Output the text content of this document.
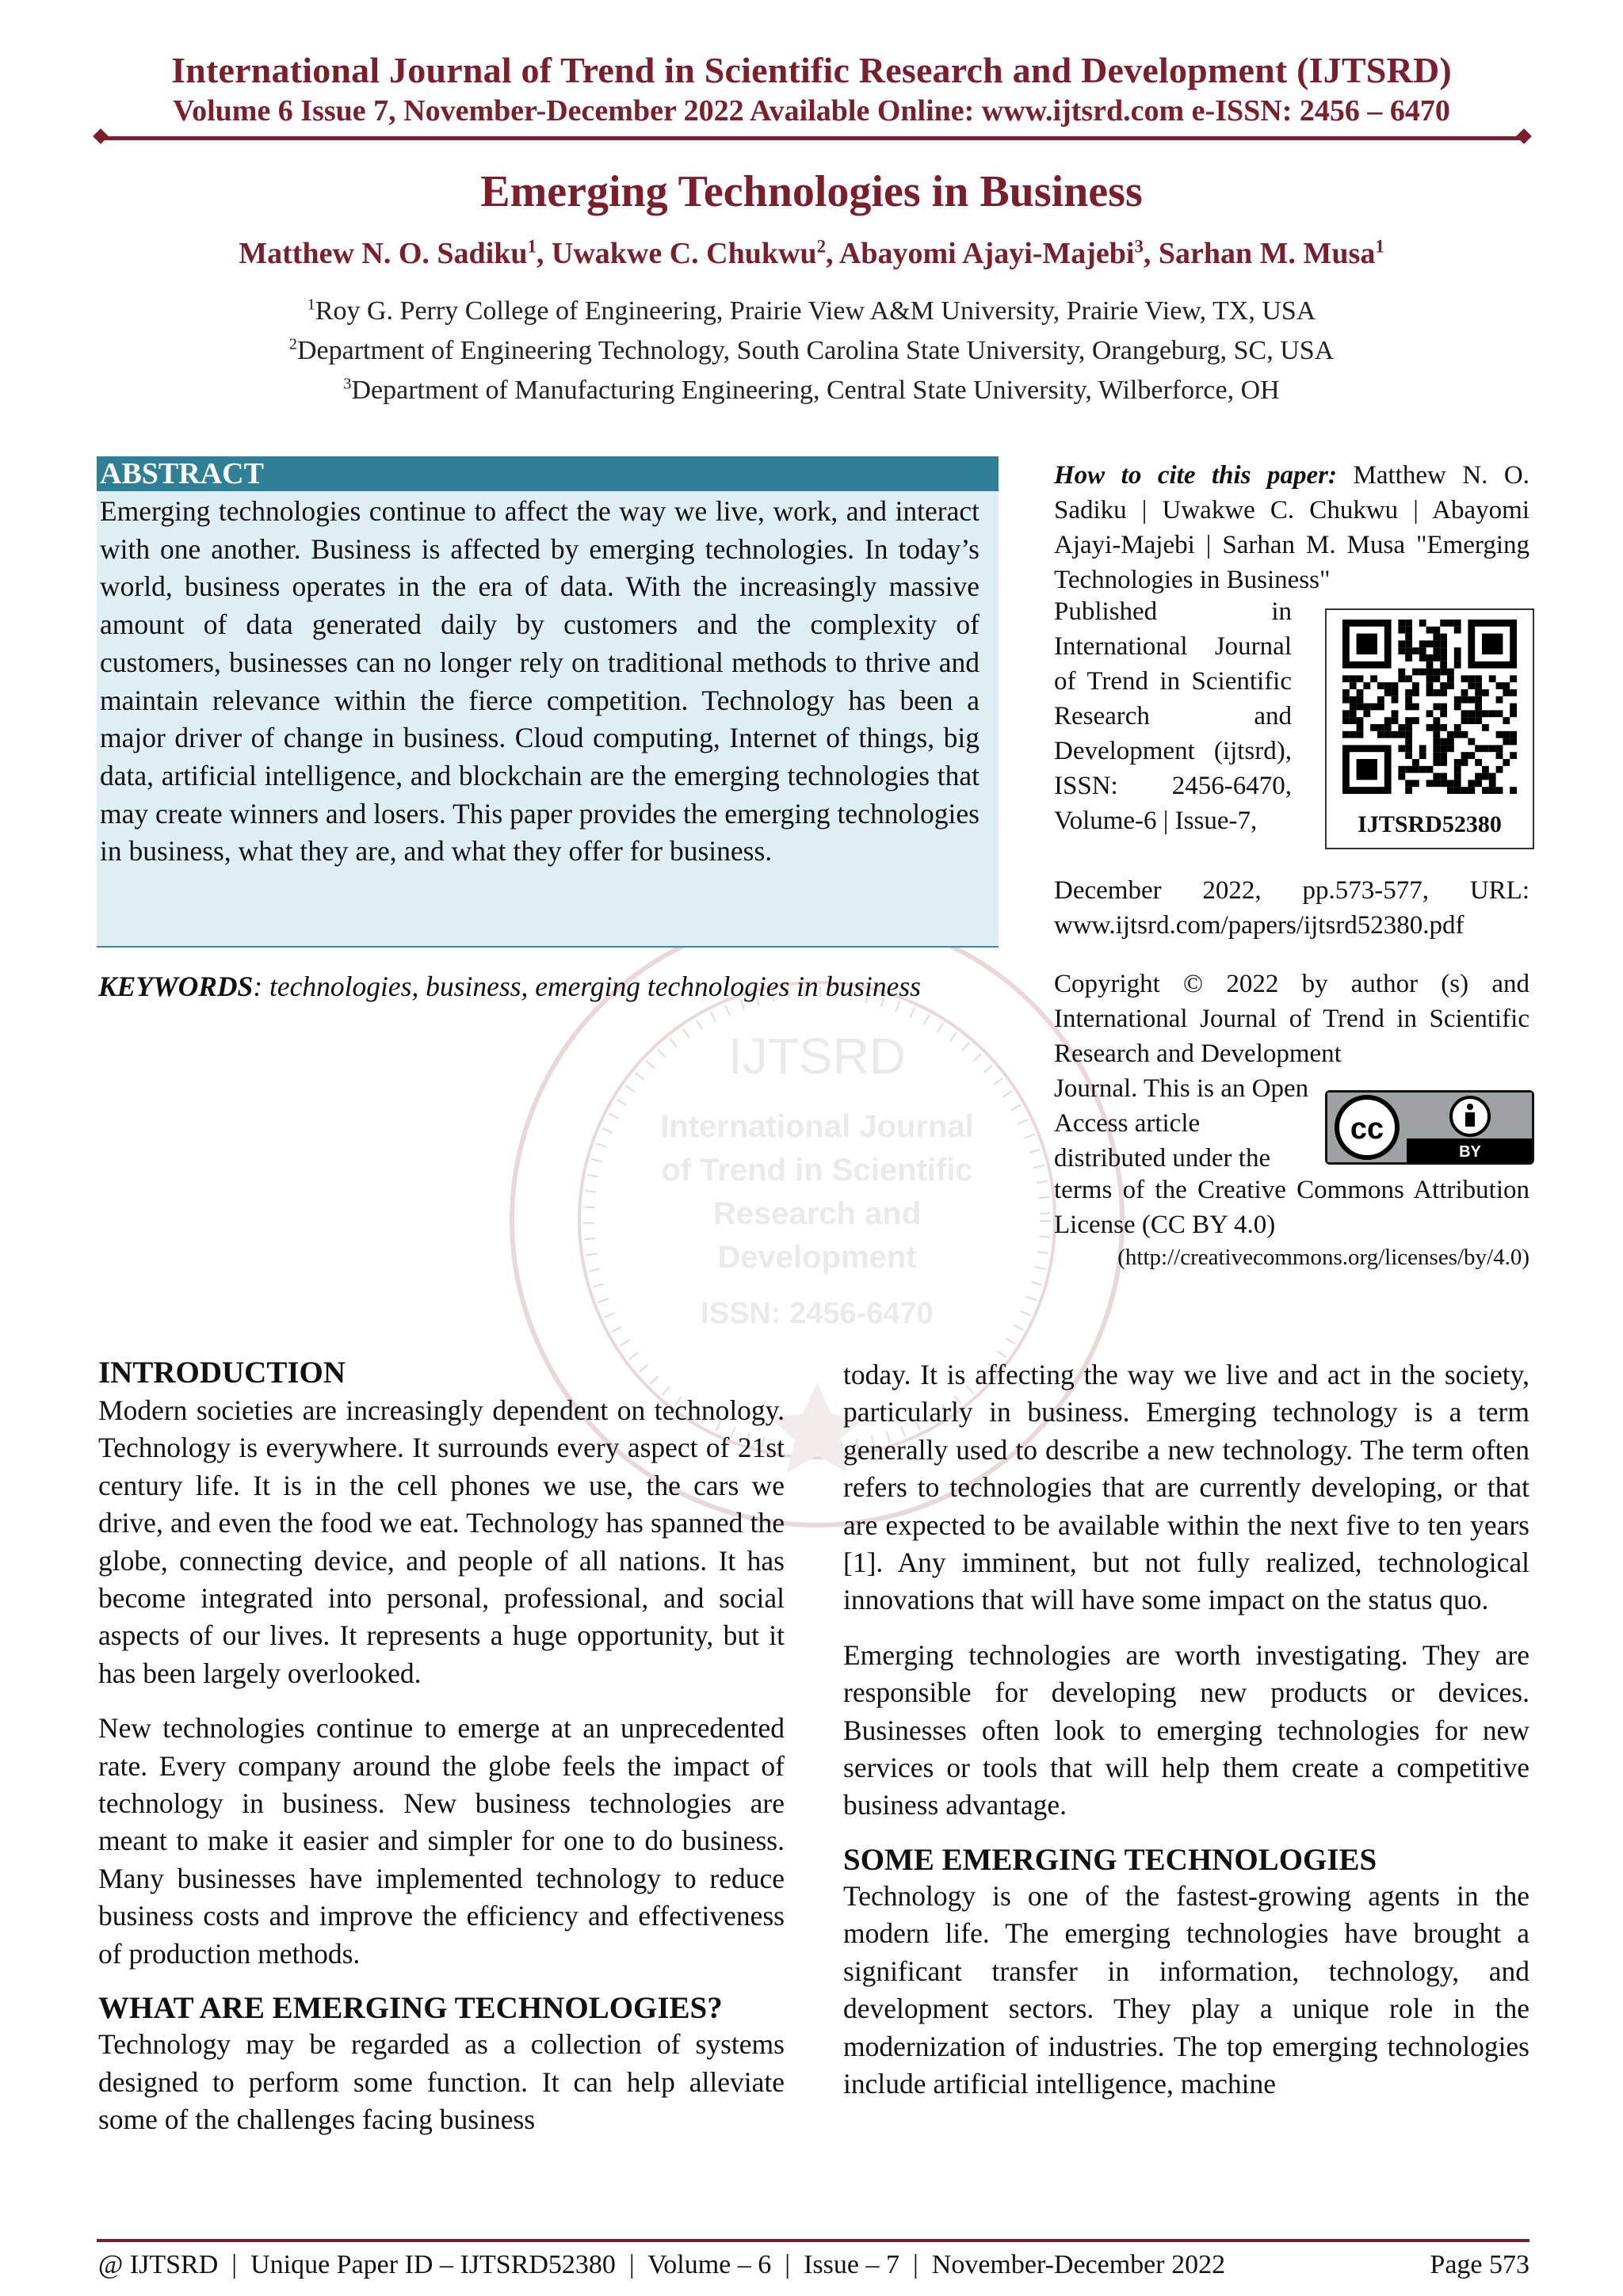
International Journal of Trend in Scientific Research and Development (IJTSRD)
Volume 6 Issue 7, November-December 2022 Available Online: www.ijtsrd.com e-ISSN: 2456 – 6470
Emerging Technologies in Business
Matthew N. O. Sadiku$^1$, Uwakwe C. Chukwu$^2$, Abayomi Ajayi-Majebi$^3$, Sarhan M. Musa$^1$
$^1$Roy G. Perry College of Engineering, Prairie View A&M University, Prairie View, TX, USA
$^2$Department of Engineering Technology, South Carolina State University, Orangeburg, SC, USA
$^3$Department of Manufacturing Engineering, Central State University, Wilberforce, OH
IJTSRD
International Journal
of Trend in Scientific
Research and
Development
ISSN: 2456-6470
ABSTRACT
Emerging technologies continue to affect the way we live, work, and interact with one another. Business is affected by emerging technologies. In today’s world, business operates in the era of data. With the increasingly massive amount of data generated daily by customers and the complexity of customers, businesses can no longer rely on traditional methods to thrive and maintain relevance within the fierce competition. Technology has been a major driver of change in business. Cloud computing, Internet of things, big data, artificial intelligence, and blockchain are the emerging technologies that may create winners and losers. This paper provides the emerging technologies in business, what they are, and what they offer for business.
KEYWORDS: technologies, business, emerging technologies in business
How to cite this paper: Matthew N. O. Sadiku | Uwakwe C. Chukwu | Abayomi Ajayi-Majebi | Sarhan M. Musa "Emerging Technologies in Business"
Published in International Journal of Trend in Scientific Research and Development (ijtsrd), ISSN: 2456-6470, Volume-6 | Issue-7,
December 2022, pp.573-577, URL: www.ijtsrd.com/papers/ijtsrd52380.pdf
IJTSRD52380
Copyright © 2022 by author (s) and International Journal of Trend in Scientific Research and Development
Journal. This is an Open Access article distributed under the
terms of the Creative Commons Attribution License (CC BY 4.0)
(http://creativecommons.org/licenses/by/4.0)
cc
BY
INTRODUCTION
Modern societies are increasingly dependent on technology. Technology is everywhere. It surrounds every aspect of 21st century life. It is in the cell phones we use, the cars we drive, and even the food we eat. Technology has spanned the globe, connecting device, and people of all nations. It has become integrated into personal, professional, and social aspects of our lives. It represents a huge opportunity, but it has been largely overlooked.
New technologies continue to emerge at an unprecedented rate. Every company around the globe feels the impact of technology in business. New business technologies are meant to make it easier and simpler for one to do business. Many businesses have implemented technology to reduce business costs and improve the efficiency and effectiveness of production methods.
WHAT ARE EMERGING TECHNOLOGIES?
Technology may be regarded as a collection of systems designed to perform some function. It can help alleviate some of the challenges facing business
today. It is affecting the way we live and act in the society, particularly in business. Emerging technology is a term generally used to describe a new technology. The term often refers to technologies that are currently developing, or that are expected to be available within the next five to ten years [1]. Any imminent, but not fully realized, technological innovations that will have some impact on the status quo.
Emerging technologies are worth investigating. They are responsible for developing new products or devices. Businesses often look to emerging technologies for new services or tools that will help them create a competitive business advantage.
SOME EMERGING TECHNOLOGIES
Technology is one of the fastest-growing agents in the modern life. The emerging technologies have brought a significant transfer in information, technology, and development sectors. They play a unique role in the modernization of industries. The top emerging technologies include artificial intelligence, machine
@ IJTSRD  |  Unique Paper ID – IJTSRD52380  |  Volume – 6  |  Issue – 7  |  November-December 2022	Page 573
